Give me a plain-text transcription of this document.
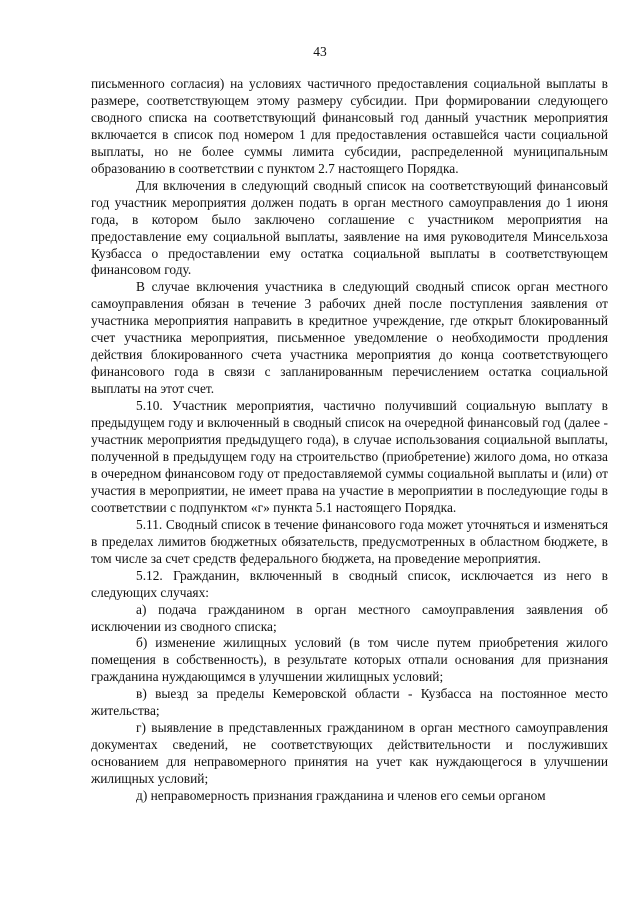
43

письменного согласия) на условиях частичного предоставления социальной выплаты в размере, соответствующем этому размеру субсидии. При формировании следующего сводного списка на соответствующий финансовый год данный участник мероприятия включается в список под номером 1 для предоставления оставшейся части социальной выплаты, но не более суммы лимита субсидии, распределенной муниципальным образованию в соответствии с пунктом 2.7 настоящего Порядка.

Для включения в следующий сводный список на соответствующий финансовый год участник мероприятия должен подать в орган местного самоуправления до 1 июня года, в котором было заключено соглашение с участником мероприятия на предоставление ему социальной выплаты, заявление на имя руководителя Минсельхоза Кузбасса о предоставлении ему остатка социальной выплаты в соответствующем финансовом году.

В случае включения участника в следующий сводный список орган местного самоуправления обязан в течение 3 рабочих дней после поступления заявления от участника мероприятия направить в кредитное учреждение, где открыт блокированный счет участника мероприятия, письменное уведомление о необходимости продления действия блокированного счета участника мероприятия до конца соответствующего финансового года в связи с запланированным перечислением остатка социальной выплаты на этот счет.

5.10. Участник мероприятия, частично получивший социальную выплату в предыдущем году и включенный в сводный список на очередной финансовый год (далее - участник мероприятия предыдущего года), в случае использования социальной выплаты, полученной в предыдущем году на строительство (приобретение) жилого дома, но отказа в очередном финансовом году от предоставляемой суммы социальной выплаты и (или) от участия в мероприятии, не имеет права на участие в мероприятии в последующие годы в соответствии с подпунктом «г» пункта 5.1 настоящего Порядка.

5.11. Сводный список в течение финансового года может уточняться и изменяться в пределах лимитов бюджетных обязательств, предусмотренных в областном бюджете, в том числе за счет средств федерального бюджета, на проведение мероприятия.

5.12. Гражданин, включенный в сводный список, исключается из него в следующих случаях:

а) подача гражданином в орган местного самоуправления заявления об исключении из сводного списка;

б) изменение жилищных условий (в том числе путем приобретения жилого помещения в собственность), в результате которых отпали основания для признания гражданина нуждающимся в улучшении жилищных условий;

в) выезд за пределы Кемеровской области - Кузбасса на постоянное место жительства;

г) выявление в представленных гражданином в орган местного самоуправления документах сведений, не соответствующих действительности и послуживших основанием для неправомерного принятия на учет как нуждающегося в улучшении жилищных условий;

д) неправомерность признания гражданина и членов его семьи органом
